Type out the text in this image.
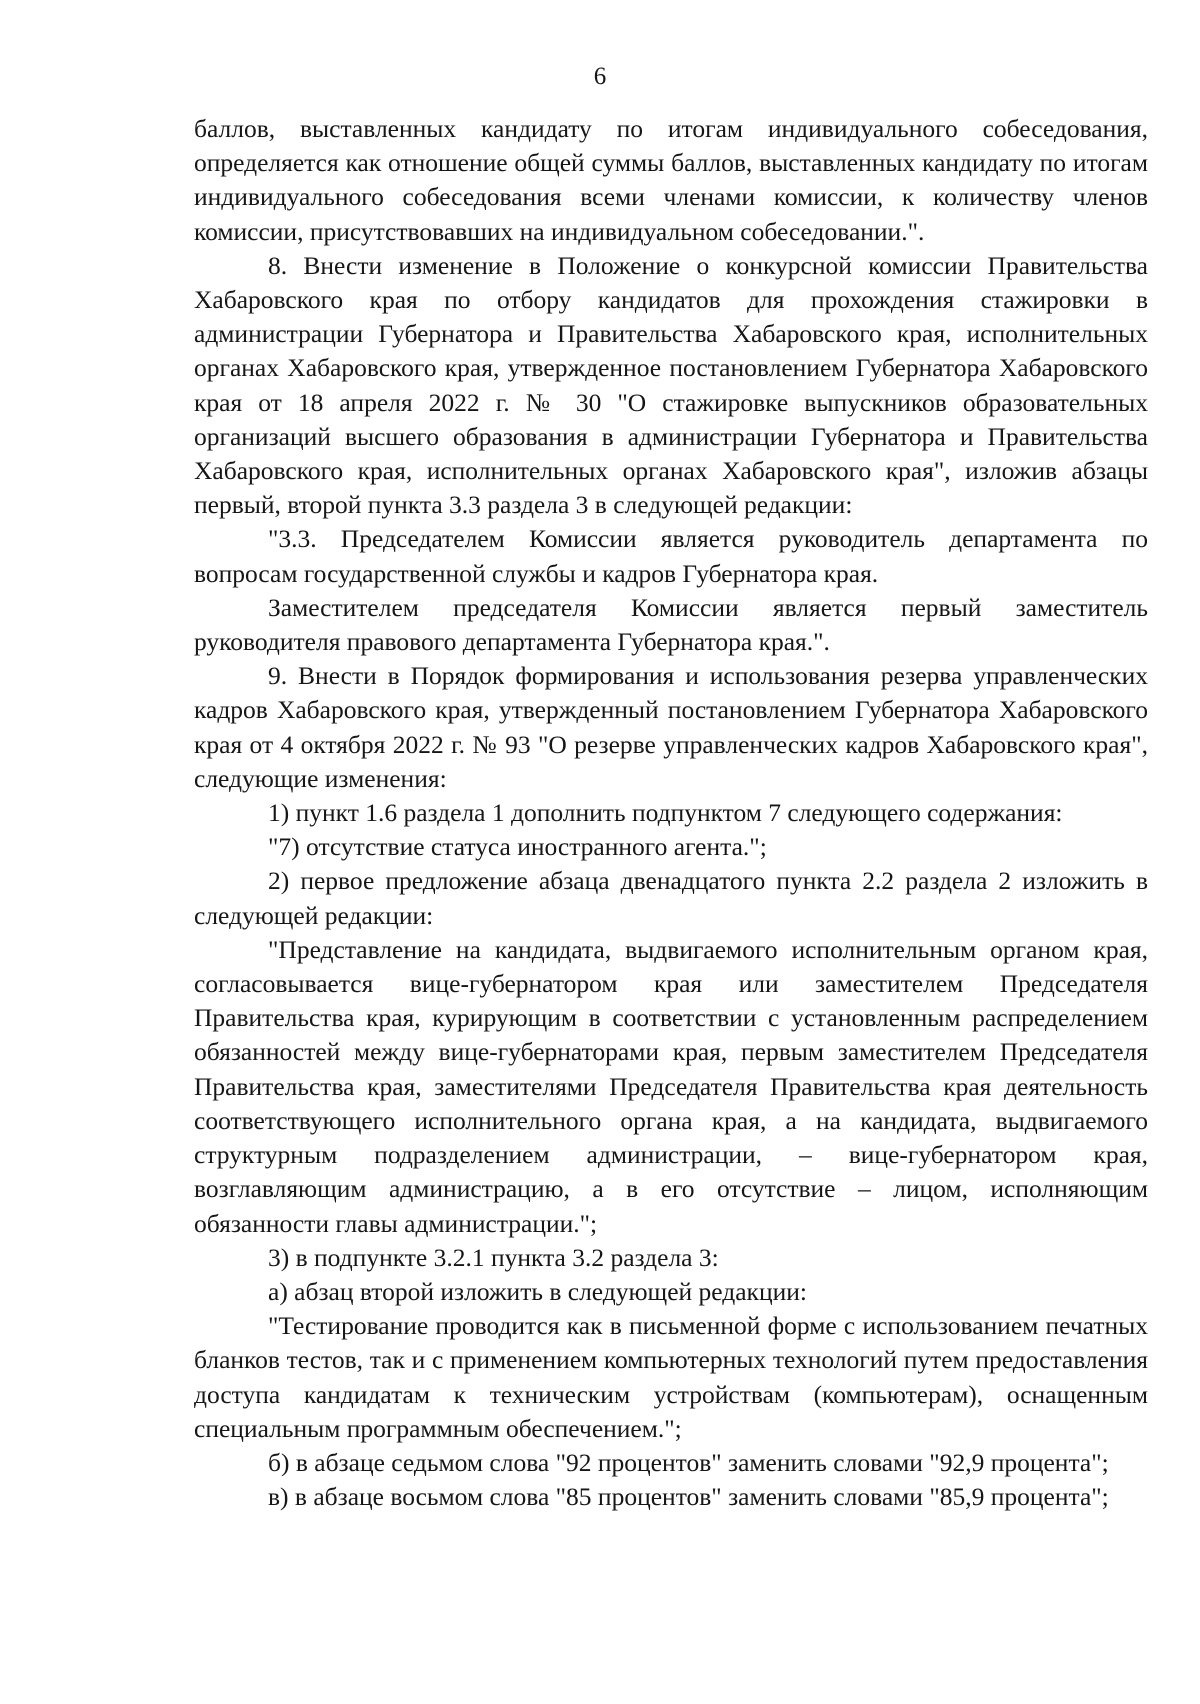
6

баллов, выставленных кандидату по итогам индивидуального собеседования, определяется как отношение общей суммы баллов, выставленных кандидату по итогам индивидуального собеседования всеми членами комиссии, к количеству членов комиссии, присутствовавших на индивидуальном собеседовании.".

8. Внести изменение в Положение о конкурсной комиссии Правительства Хабаровского края по отбору кандидатов для прохождения стажировки в администрации Губернатора и Правительства Хабаровского края, исполнительных органах Хабаровского края, утвержденное постановлением Губернатора Хабаровского края от 18 апреля 2022 г. № 30 "О стажировке выпускников образовательных организаций высшего образования в администрации Губернатора и Правительства Хабаровского края, исполнительных органах Хабаровского края", изложив абзацы первый, второй пункта 3.3 раздела 3 в следующей редакции:

"3.3. Председателем Комиссии является руководитель департамента по вопросам государственной службы и кадров Губернатора края.

Заместителем председателя Комиссии является первый заместитель руководителя правового департамента Губернатора края.".

9. Внести в Порядок формирования и использования резерва управленческих кадров Хабаровского края, утвержденный постановлением Губернатора Хабаровского края от 4 октября 2022 г. № 93 "О резерве управленческих кадров Хабаровского края", следующие изменения:

1) пункт 1.6 раздела 1 дополнить подпунктом 7 следующего содержания:

"7) отсутствие статуса иностранного агента.";

2) первое предложение абзаца двенадцатого пункта 2.2 раздела 2 изложить в следующей редакции:

"Представление на кандидата, выдвигаемого исполнительным органом края, согласовывается вице-губернатором края или заместителем Председателя Правительства края, курирующим в соответствии с установленным распределением обязанностей между вице-губернаторами края, первым заместителем Председателя Правительства края, заместителями Председателя Правительства края деятельность соответствующего исполнительного органа края, а на кандидата, выдвигаемого структурным подразделением администрации, – вице-губернатором края, возглавляющим администрацию, а в его отсутствие – лицом, исполняющим обязанности главы администрации.";

3) в подпункте 3.2.1 пункта 3.2 раздела 3:

а) абзац второй изложить в следующей редакции:

"Тестирование проводится как в письменной форме с использованием печатных бланков тестов, так и с применением компьютерных технологий путем предоставления доступа кандидатам к техническим устройствам (компьютерам), оснащенным специальным программным обеспечением.";

б) в абзаце седьмом слова "92 процентов" заменить словами "92,9 процента";

в) в абзаце восьмом слова "85 процентов" заменить словами "85,9 процента";
